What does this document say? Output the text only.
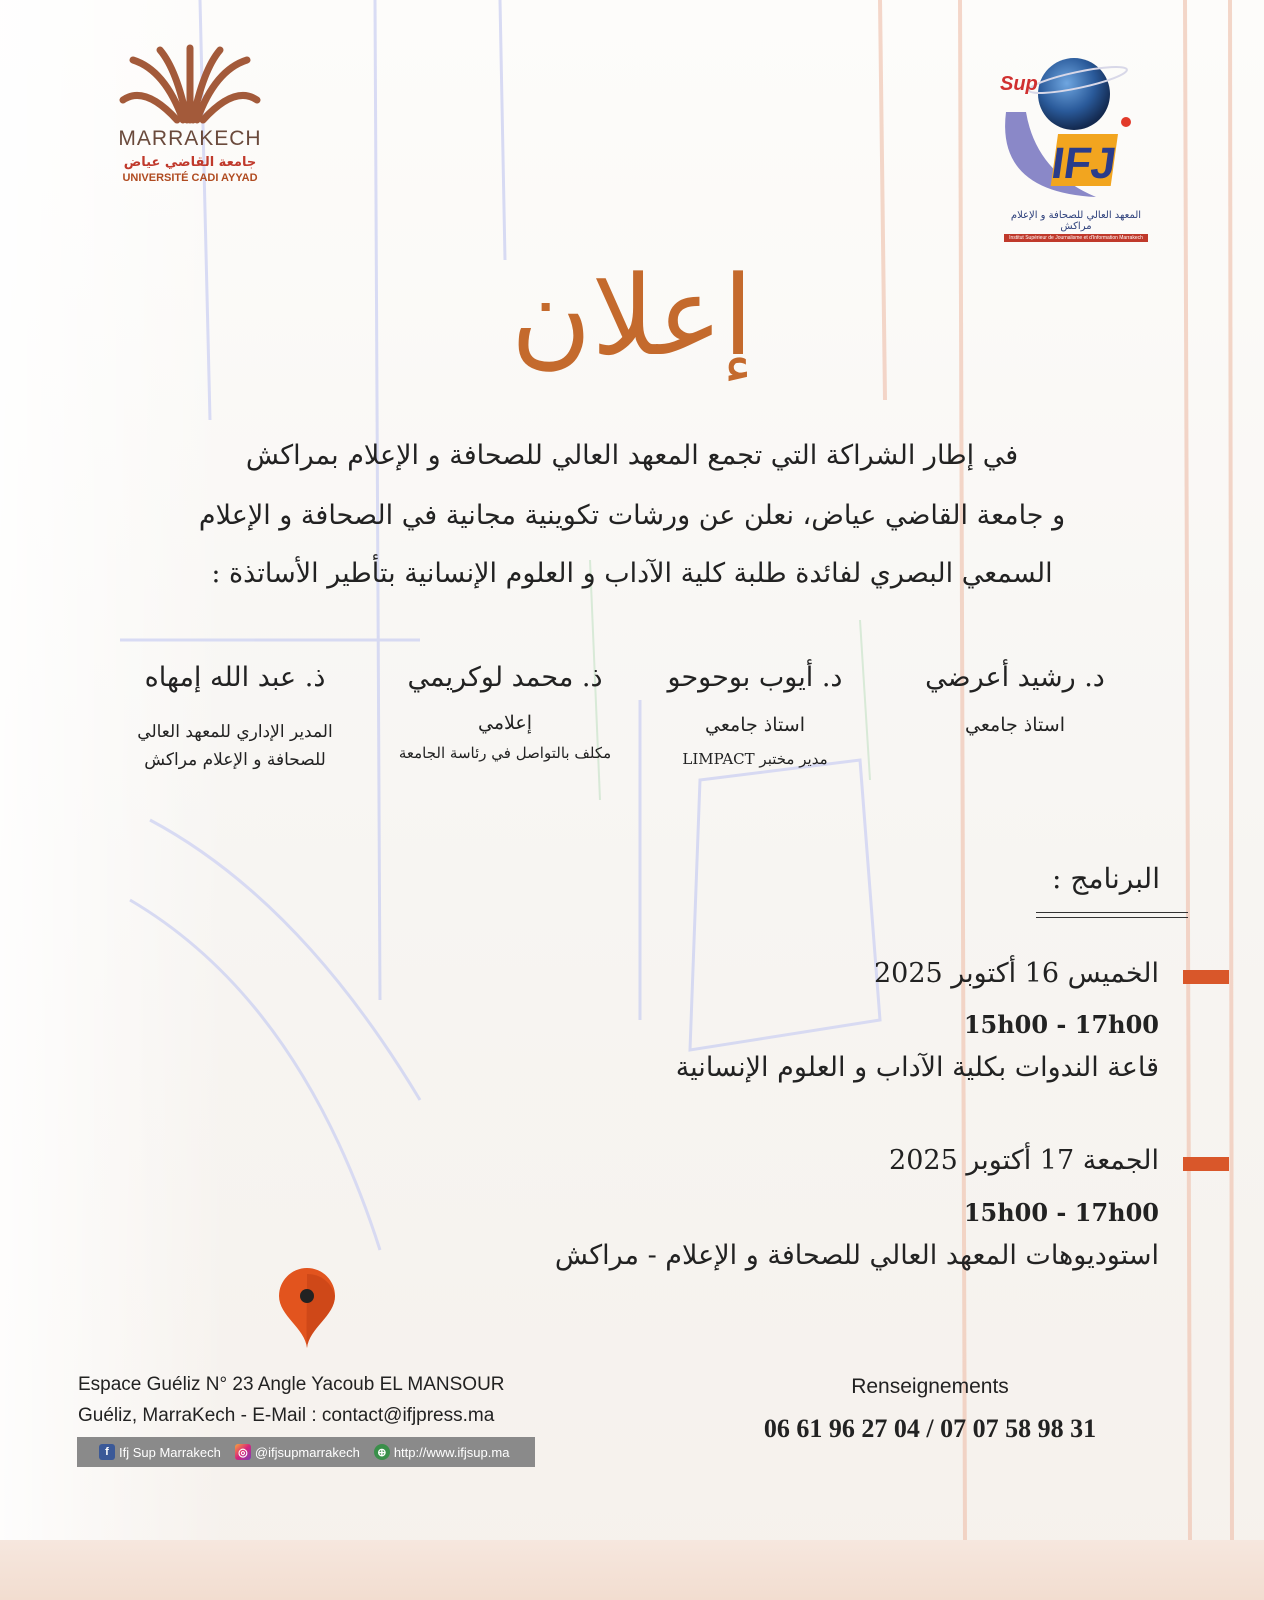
MARRAKECH
جامعة القاضي عياض
UNIVERSITÉ CADI AYYAD
Sup
IFJ
المعهد العالي للصحافة و الإعلام مراكش
Institut Supérieur de Journalisme et d'Information Marrakech
إعلان
في إطار الشراكة التي تجمع المعهد العالي للصحافة و الإعلام بمراكش
و جامعة القاضي عياض، نعلن عن ورشات تكوينية مجانية في الصحافة و الإعلام
السمعي البصري لفائدة طلبة كلية الآداب و العلوم الإنسانية بتأطير الأساتذة :
د. رشيد أعرضي
استاذ جامعي
د. أيوب بوحوحو
استاذ جامعي
مدير مختبر LIMPACT
ذ. محمد لوكريمي
إعلامي
مكلف بالتواصل في رئاسة الجامعة
ذ. عبد الله إمهاه
المدير الإداري للمعهد العالي
للصحافة و الإعلام مراكش
البرنامج :
الخميس 16 أكتوبر 2025
15h00 - 17h00
قاعة الندوات بكلية الآداب و العلوم الإنسانية
الجمعة 17 أكتوبر 2025
15h00 - 17h00
استوديوهات المعهد العالي للصحافة و الإعلام - مراكش
Espace Guéliz N° 23 Angle Yacoub EL MANSOUR
Guéliz, MarraKech - E-Mail : contact@ifjpress.ma
f Ifj Sup Marrakech ◎ @ifjsupmarrakech	⊕ http://www.ifjsup.ma
Renseignements
06 61 96 27 04 / 07 07 58 98 31
